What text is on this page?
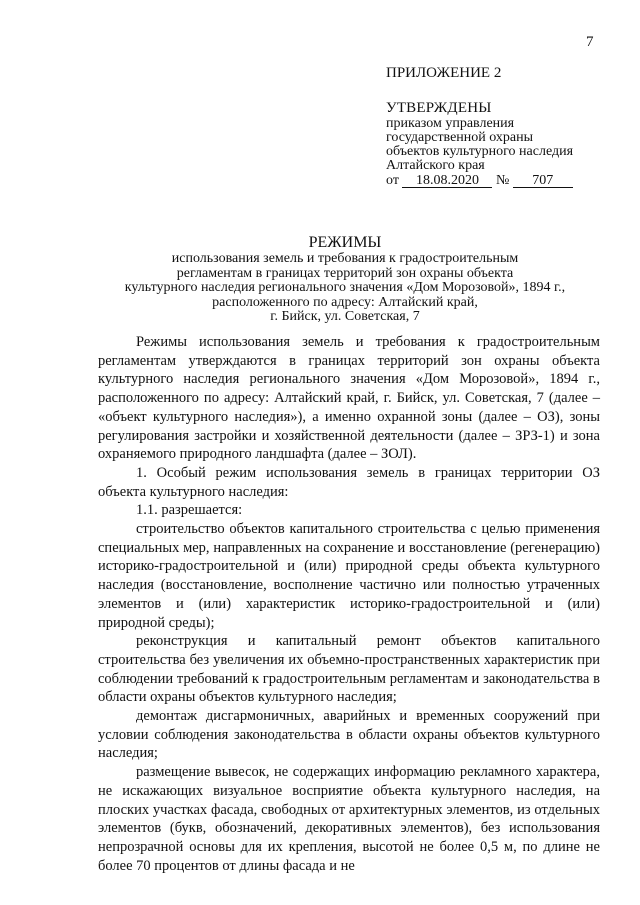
7
ПРИЛОЖЕНИЕ 2
УТВЕРЖДЕНЫ
приказом управления
государственной охраны
объектов культурного наследия
Алтайского края
от 18.08.2020 № 707
РЕЖИМЫ
использования земель и требования к градостроительным
регламентам в границах территорий зон охраны объекта
культурного наследия регионального значения «Дом Морозовой», 1894 г.,
расположенного по адресу: Алтайский край,
г. Бийск, ул. Советская, 7

Режимы использования земель и требования к градостроительным регламентам утверждаются в границах территорий зон охраны объекта культурного наследия регионального значения «Дом Морозовой», 1894 г., расположенного по адресу: Алтайский край, г. Бийск, ул. Советская, 7 (далее – «объект культурного наследия»), а именно охранной зоны (далее – ОЗ), зоны регулирования застройки и хозяйственной деятельности (далее – ЗРЗ-1) и зона охраняемого природного ландшафта (далее – ЗОЛ).

1. Особый режим использования земель в границах территории ОЗ объекта культурного наследия:

1.1. разрешается:

строительство объектов капитального строительства с целью применения специальных мер, направленных на сохранение и восстановление (регенерацию) историко-градостроительной и (или) природной среды объекта культурного наследия (восстановление, восполнение частично или полностью утраченных элементов и (или) характеристик историко-градостроительной и (или) природной среды);

реконструкция и капитальный ремонт объектов капитального строительства без увеличения их объемно-пространственных характеристик при соблюдении требований к градостроительным регламентам и законодательства в области охраны объектов культурного наследия;

демонтаж дисгармоничных, аварийных и временных сооружений при условии соблюдения законодательства в области охраны объектов культурного наследия;

размещение вывесок, не содержащих информацию рекламного характера, не искажающих визуальное восприятие объекта культурного наследия, на плоских участках фасада, свободных от архитектурных элементов, из отдельных элементов (букв, обозначений, декоративных элементов), без использования непрозрачной основы для их крепления, высотой не более 0,5 м, по длине не более 70 процентов от длины фасада и не
